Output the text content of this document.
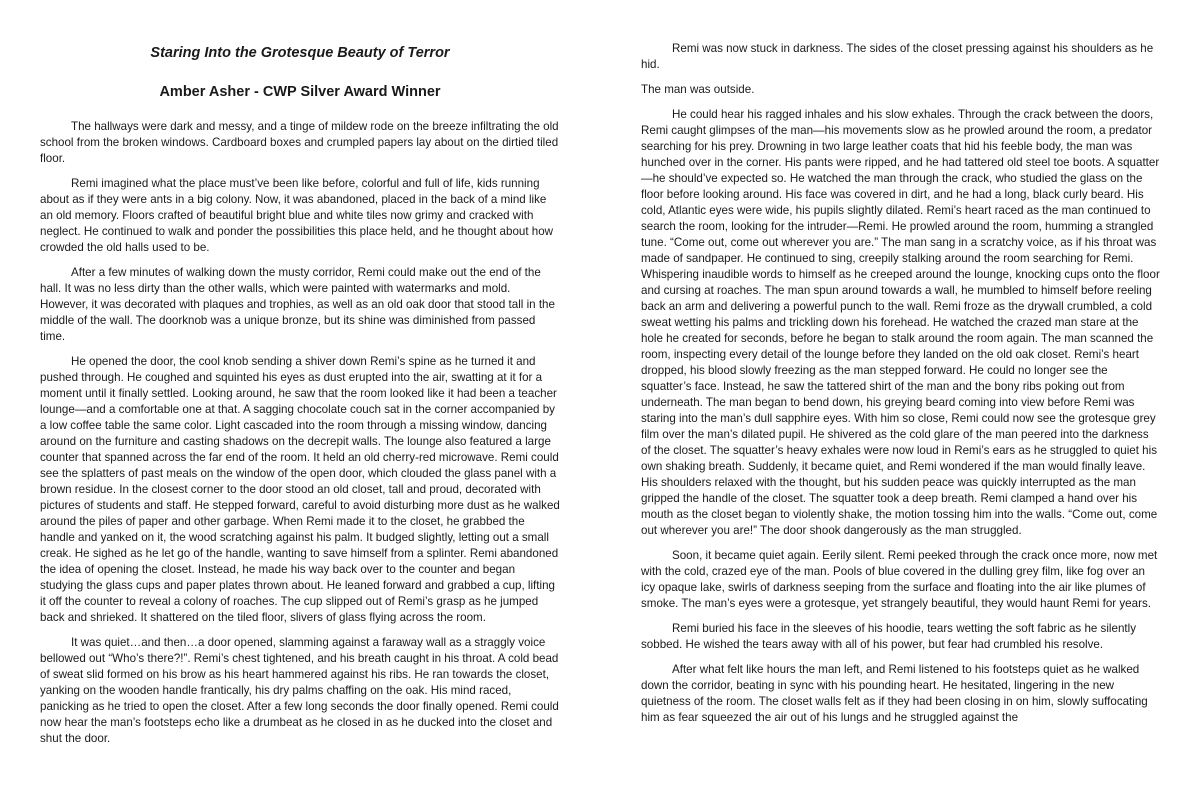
Staring Into the Grotesque Beauty of Terror
Amber Asher - CWP Silver Award Winner

The hallways were dark and messy, and a tinge of mildew rode on the breeze infiltrating the old school from the broken windows. Cardboard boxes and crumpled papers lay about on the dirtied tiled floor.

Remi imagined what the place must’ve been like before, colorful and full of life, kids running about as if they were ants in a big colony. Now, it was abandoned, placed in the back of a mind like an old memory. Floors crafted of beautiful bright blue and white tiles now grimy and cracked with neglect. He continued to walk and ponder the possibilities this place held, and he thought about how crowded the old halls used to be.

After a few minutes of walking down the musty corridor, Remi could make out the end of the hall. It was no less dirty than the other walls, which were painted with watermarks and mold. However, it was decorated with plaques and trophies, as well as an old oak door that stood tall in the middle of the wall. The doorknob was a unique bronze, but its shine was diminished from passed time.

He opened the door, the cool knob sending a shiver down Remi’s spine as he turned it and pushed through. He coughed and squinted his eyes as dust erupted into the air, swatting at it for a moment until it finally settled. Looking around, he saw that the room looked like it had been a teacher lounge—and a comfortable one at that. A sagging chocolate couch sat in the corner accompanied by a low coffee table the same color. Light cascaded into the room through a missing window, dancing around on the furniture and casting shadows on the decrepit walls. The lounge also featured a large counter that spanned across the far end of the room. It held an old cherry-red microwave. Remi could see the splatters of past meals on the window of the open door, which clouded the glass panel with a brown residue. In the closest corner to the door stood an old closet, tall and proud, decorated with pictures of students and staff. He stepped forward, careful to avoid disturbing more dust as he walked around the piles of paper and other garbage. When Remi made it to the closet, he grabbed the handle and yanked on it, the wood scratching against his palm. It budged slightly, letting out a small creak. He sighed as he let go of the handle, wanting to save himself from a splinter. Remi abandoned the idea of opening the closet. Instead, he made his way back over to the counter and began studying the glass cups and paper plates thrown about. He leaned forward and grabbed a cup, lifting it off the counter to reveal a colony of roaches. The cup slipped out of Remi’s grasp as he jumped back and shrieked. It shattered on the tiled floor, slivers of glass flying across the room.

It was quiet…and then…a door opened, slamming against a faraway wall as a straggly voice bellowed out “Who’s there?!”. Remi’s chest tightened, and his breath caught in his throat. A cold bead of sweat slid formed on his brow as his heart hammered against his ribs. He ran towards the closet, yanking on the wooden handle frantically, his dry palms chaffing on the oak. His mind raced, panicking as he tried to open the closet. After a few long seconds the door finally opened. Remi could now hear the man’s footsteps echo like a drumbeat as he closed in as he ducked into the closet and shut the door.

Remi was now stuck in darkness. The sides of the closet pressing against his shoulders as he hid.

The man was outside.

He could hear his ragged inhales and his slow exhales. Through the crack between the doors, Remi caught glimpses of the man—his movements slow as he prowled around the room, a predator searching for his prey. Drowning in two large leather coats that hid his feeble body, the man was hunched over in the corner. His pants were ripped, and he had tattered old steel toe boots. A squatter—he should’ve expected so. He watched the man through the crack, who studied the glass on the floor before looking around. His face was covered in dirt, and he had a long, black curly beard. His cold, Atlantic eyes were wide, his pupils slightly dilated. Remi’s heart raced as the man continued to search the room, looking for the intruder—Remi. He prowled around the room, humming a strangled tune. “Come out, come out wherever you are.” The man sang in a scratchy voice, as if his throat was made of sandpaper. He continued to sing, creepily stalking around the room searching for Remi. Whispering inaudible words to himself as he creeped around the lounge, knocking cups onto the floor and cursing at roaches. The man spun around towards a wall, he mumbled to himself before reeling back an arm and delivering a powerful punch to the wall. Remi froze as the drywall crumbled, a cold sweat wetting his palms and trickling down his forehead. He watched the crazed man stare at the hole he created for seconds, before he began to stalk around the room again. The man scanned the room, inspecting every detail of the lounge before they landed on the old oak closet. Remi’s heart dropped, his blood slowly freezing as the man stepped forward. He could no longer see the squatter’s face. Instead, he saw the tattered shirt of the man and the bony ribs poking out from underneath. The man began to bend down, his greying beard coming into view before Remi was staring into the man’s dull sapphire eyes. With him so close, Remi could now see the grotesque grey film over the man’s dilated pupil. He shivered as the cold glare of the man peered into the darkness of the closet. The squatter’s heavy exhales were now loud in Remi’s ears as he struggled to quiet his own shaking breath. Suddenly, it became quiet, and Remi wondered if the man would finally leave. His shoulders relaxed with the thought, but his sudden peace was quickly interrupted as the man gripped the handle of the closet. The squatter took a deep breath. Remi clamped a hand over his mouth as the closet began to violently shake, the motion tossing him into the walls. “Come out, come out wherever you are!” The door shook dangerously as the man struggled.

Soon, it became quiet again. Eerily silent. Remi peeked through the crack once more, now met with the cold, crazed eye of the man. Pools of blue covered in the dulling grey film, like fog over an icy opaque lake, swirls of darkness seeping from the surface and floating into the air like plumes of smoke. The man’s eyes were a grotesque, yet strangely beautiful, they would haunt Remi for years.

Remi buried his face in the sleeves of his hoodie, tears wetting the soft fabric as he silently sobbed. He wished the tears away with all of his power, but fear had crumbled his resolve.

After what felt like hours the man left, and Remi listened to his footsteps quiet as he walked down the corridor, beating in sync with his pounding heart. He hesitated, lingering in the new quietness of the room. The closet walls felt as if they had been closing in on him, slowly suffocating him as fear squeezed the air out of his lungs and he struggled against the
